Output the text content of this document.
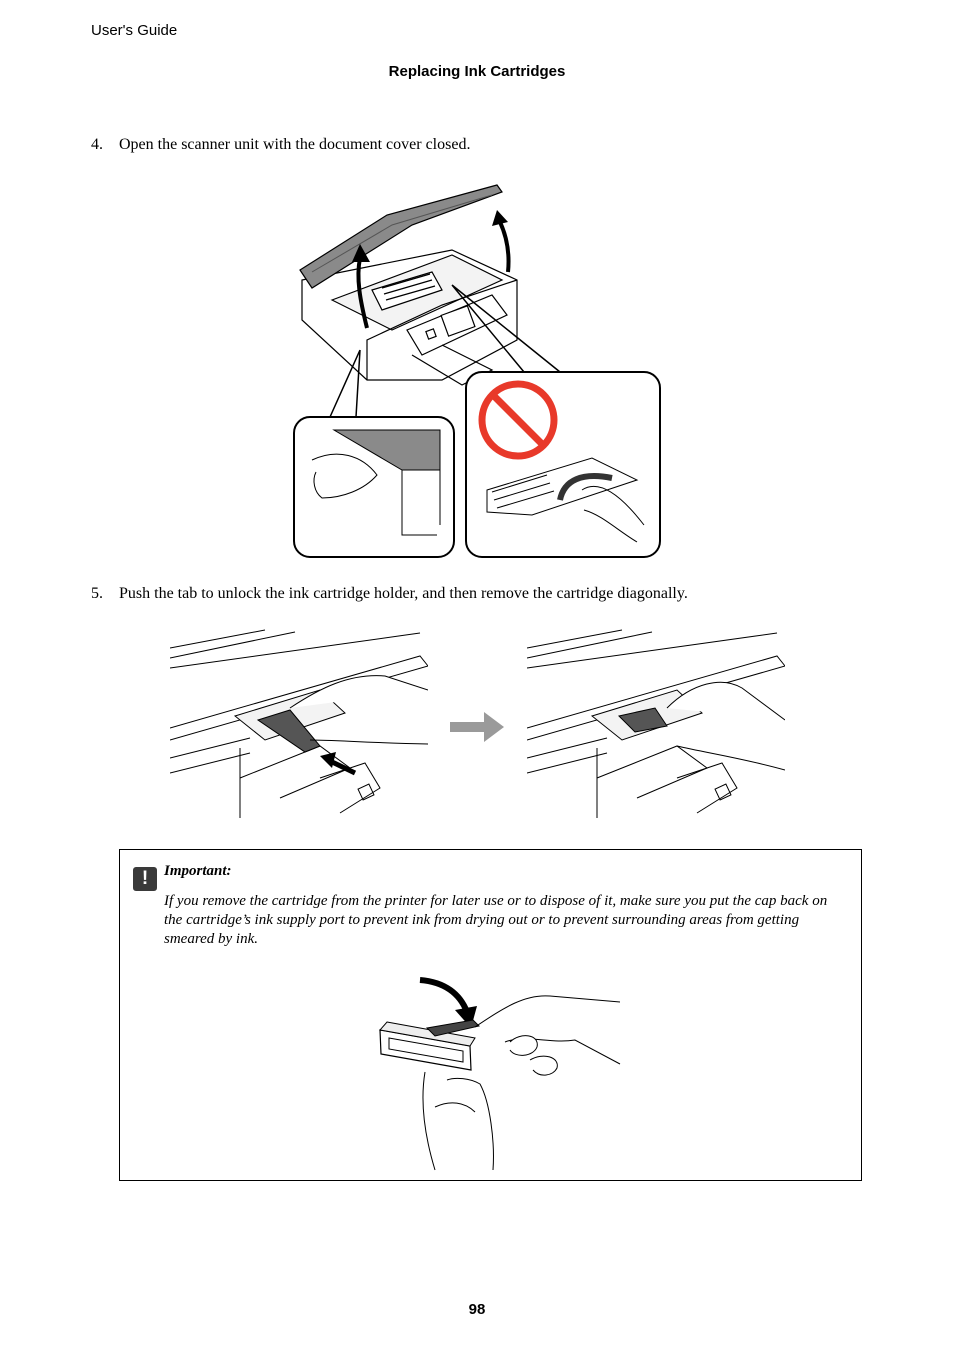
User's Guide
Replacing Ink Cartridges
4. Open the scanner unit with the document cover closed.
5. Push the tab to unlock the ink cartridge holder, and then remove the cartridge diagonally.
!	Important:
If you remove the cartridge from the printer for later use or to dispose of it, make sure you put the cap back on the cartridge’s ink supply port to prevent ink from drying out or to prevent surrounding areas from getting smeared by ink.
98
